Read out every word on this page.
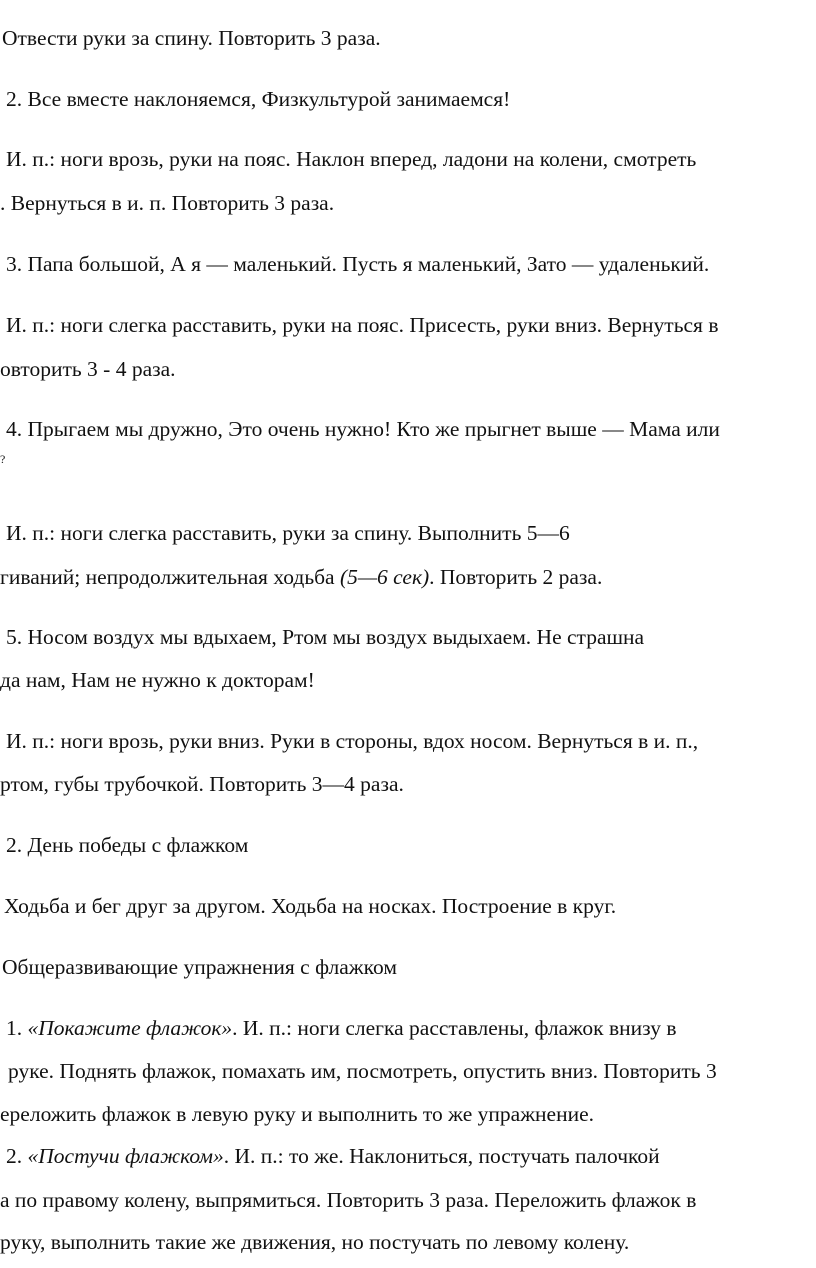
Отвести руки за спину. Повторить 3 раза.
2. Все вместе наклоняемся, Физкультурой занимаемся!
И. п.: ноги врозь, руки на пояс. Наклон вперед, ладони на колени, смотреть
. Вернуться в и. п. Повторить 3 раза.
3. Папа большой, А я — маленький. Пусть я маленький, Зато — удаленький.
И. п.: ноги слегка расставить, руки на пояс. Присесть, руки вниз. Вернуться в
овторить 3 - 4 раза.
4. Прыгаем мы дружно, Это очень нужно! Кто же прыгнет выше — Мама или
?
И. п.: ноги слегка расставить, руки за спину. Выполнить 5—6
гиваний; непродолжительная ходьба (5—6 сек). Повторить 2 раза.
5. Носом воздух мы вдыхаем, Ртом мы воздух выдыхаем. Не страшна
да нам, Нам не нужно к докторам!
И. п.: ноги врозь, руки вниз. Руки в стороны, вдох носом. Вернуться в и. п.,
ртом, губы трубочкой. Повторить 3—4 раза.
2. День победы с флажком
Ходьба и бег друг за другом. Ходьба на носках. Построение в круг.
Общеразвивающие упражнения с флажком
1. «Покажите флажок». И. п.: ноги слегка расставлены, флажок внизу в
руке. Поднять флажок, помахать им, посмотреть, опустить вниз. Повторить 3
ереложить флажок в левую руку и выполнить то же упражнение.
2. «Постучи флажком». И. п.: то же. Наклониться, постучать палочкой
а по правому колену, выпрямиться. Повторить 3 раза. Переложить флажок в
руку, выполнить такие же движения, но постучать по левому колену.
